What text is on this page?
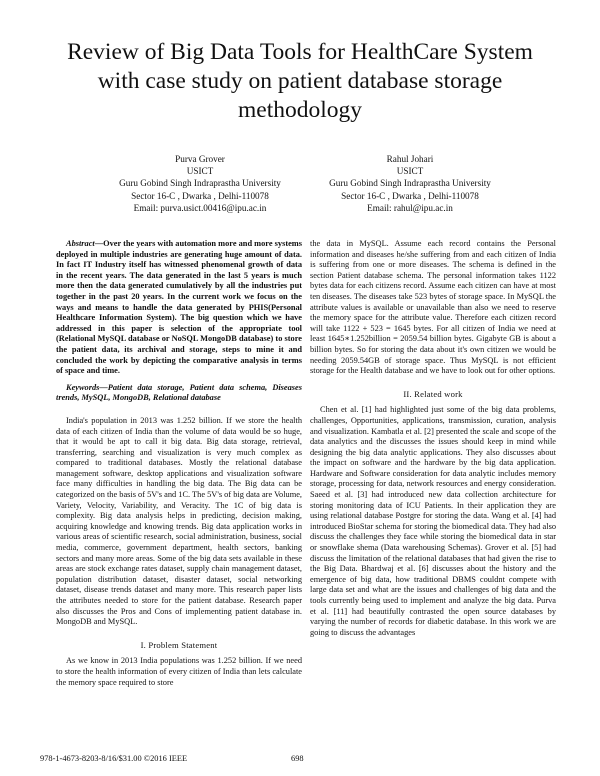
Review of Big Data Tools for HealthCare System
with case study on patient database storage
methodology
Purva Grover
USICT
Guru Gobind Singh Indraprastha University
Sector 16-C , Dwarka , Delhi-110078
Email: purva.usict.00416@ipu.ac.in
Rahul Johari
USICT
Guru Gobind Singh Indraprastha University
Sector 16-C , Dwarka , Delhi-110078
Email: rahul@ipu.ac.in

Abstract—Over the years with automation more and more systems deployed in multiple industries are generating huge amount of data. In fact IT Industry itself has witnessed phenomenal growth of data in the recent years. The data generated in the last 5 years is much more then the data generated cumulatively by all the industries put together in the past 20 years. In the current work we focus on the ways and means to handle the data generated by PHIS(Personal Healthcare Information System). The big question which we have addressed in this paper is selection of the appropriate tool (Relational MySQL database or NoSQL MongoDB database) to store the patient data, its archival and storage, steps to mine it and concluded the work by depicting the comparative analysis in terms of space and time.

Keywords—Patient data storage, Patient data schema, Diseases trends, MySQL, MongoDB, Relational database

India's population in 2013 was 1.252 billion. If we store the health data of each citizen of India than the volume of data would be so huge, that it would be apt to call it big data. Big data storage, retrieval, transferring, searching and visualization is very much complex as compared to traditional databases. Mostly the relational database management software, desktop applications and visualization software face many difficulties in handling the big data. The Big data can be categorized on the basis of 5V's and 1C. The 5V's of big data are Volume, Variety, Velocity, Variability, and Veracity. The 1C of big data is complexity. Big data analysis helps in predicting, decision making, acquiring knowledge and knowing trends. Big data application works in various areas of scientific research, social administration, business, social media, commerce, government department, health sectors, banking sectors and many more areas. Some of the big data sets available in these areas are stock exchange rates dataset, supply chain management dataset, population distribution dataset, disaster dataset, social networking dataset, disease trends dataset and many more. This research paper lists the attributes needed to store for the patient database. Research paper also discusses the Pros and Cons of implementing patient database in. MongoDB and MySQL.

I. Problem Statement

As we know in 2013 India populations was 1.252 billion. If we need to store the health information of every citizen of India than lets calculate the memory space required to store

the data in MySQL. Assume each record contains the Personal information and diseases he/she suffering from and each citizen of India is suffering from one or more diseases. The schema is defined in the section Patient database schema. The personal information takes 1122 bytes data for each citizens record. Assume each citizen can have at most ten diseases. The diseases take 523 bytes of storage space. In MySQL the attribute values is available or unavailable than also we need to reserve the memory space for the attribute value. Therefore each citizen record will take 1122 + 523 = 1645 bytes. For all citizen of India we need at least 1645∗1.252billion = 2059.54 billion bytes. Gigabyte GB is about a billion bytes. So for storing the data about it's own citizen we would be needing 2059.54GB of storage space. Thus MySQL is not efficient storage for the Health database and we have to look out for other options.

II. Related work

Chen et al. [1] had highlighted just some of the big data problems, challenges, Opportunities, applications, transmission, curation, analysis and visualization. Kambatla et al. [2] presented the scale and scope of the data analytics and the discusses the issues should keep in mind while designing the big data analytic applications. They also discusses about the impact on software and the hardware by the big data application. Hardware and Software consideration for data analytic includes memory storage, processing for data, network resources and energy consideration. Saeed et al. [3] had introduced new data collection architecture for storing monitoring data of ICU Patients. In their application they are using relational database Postgre for storing the data. Wang et al. [4] had introduced BioStar schema for storing the biomedical data. They had also discuss the challenges they face while storing the biomedical data in star or snowflake shema (Data warehousing Schemas). Grover et al. [5] had discuss the limitation of the relational databases that had given the rise to the Big Data. Bhardwaj et al. [6] discusses about the history and the emergence of big data, how traditional DBMS couldnt compete with large data set and what are the issues and challenges of big data and the tools currently being used to implement and analyze the big data. Purva et al. [11] had beautifully contrasted the open source databases by varying the number of records for diabetic database. In this work we are going to discuss the advantages

978-1-4673-8203-8/16/$31.00 ©2016 IEEE	698
